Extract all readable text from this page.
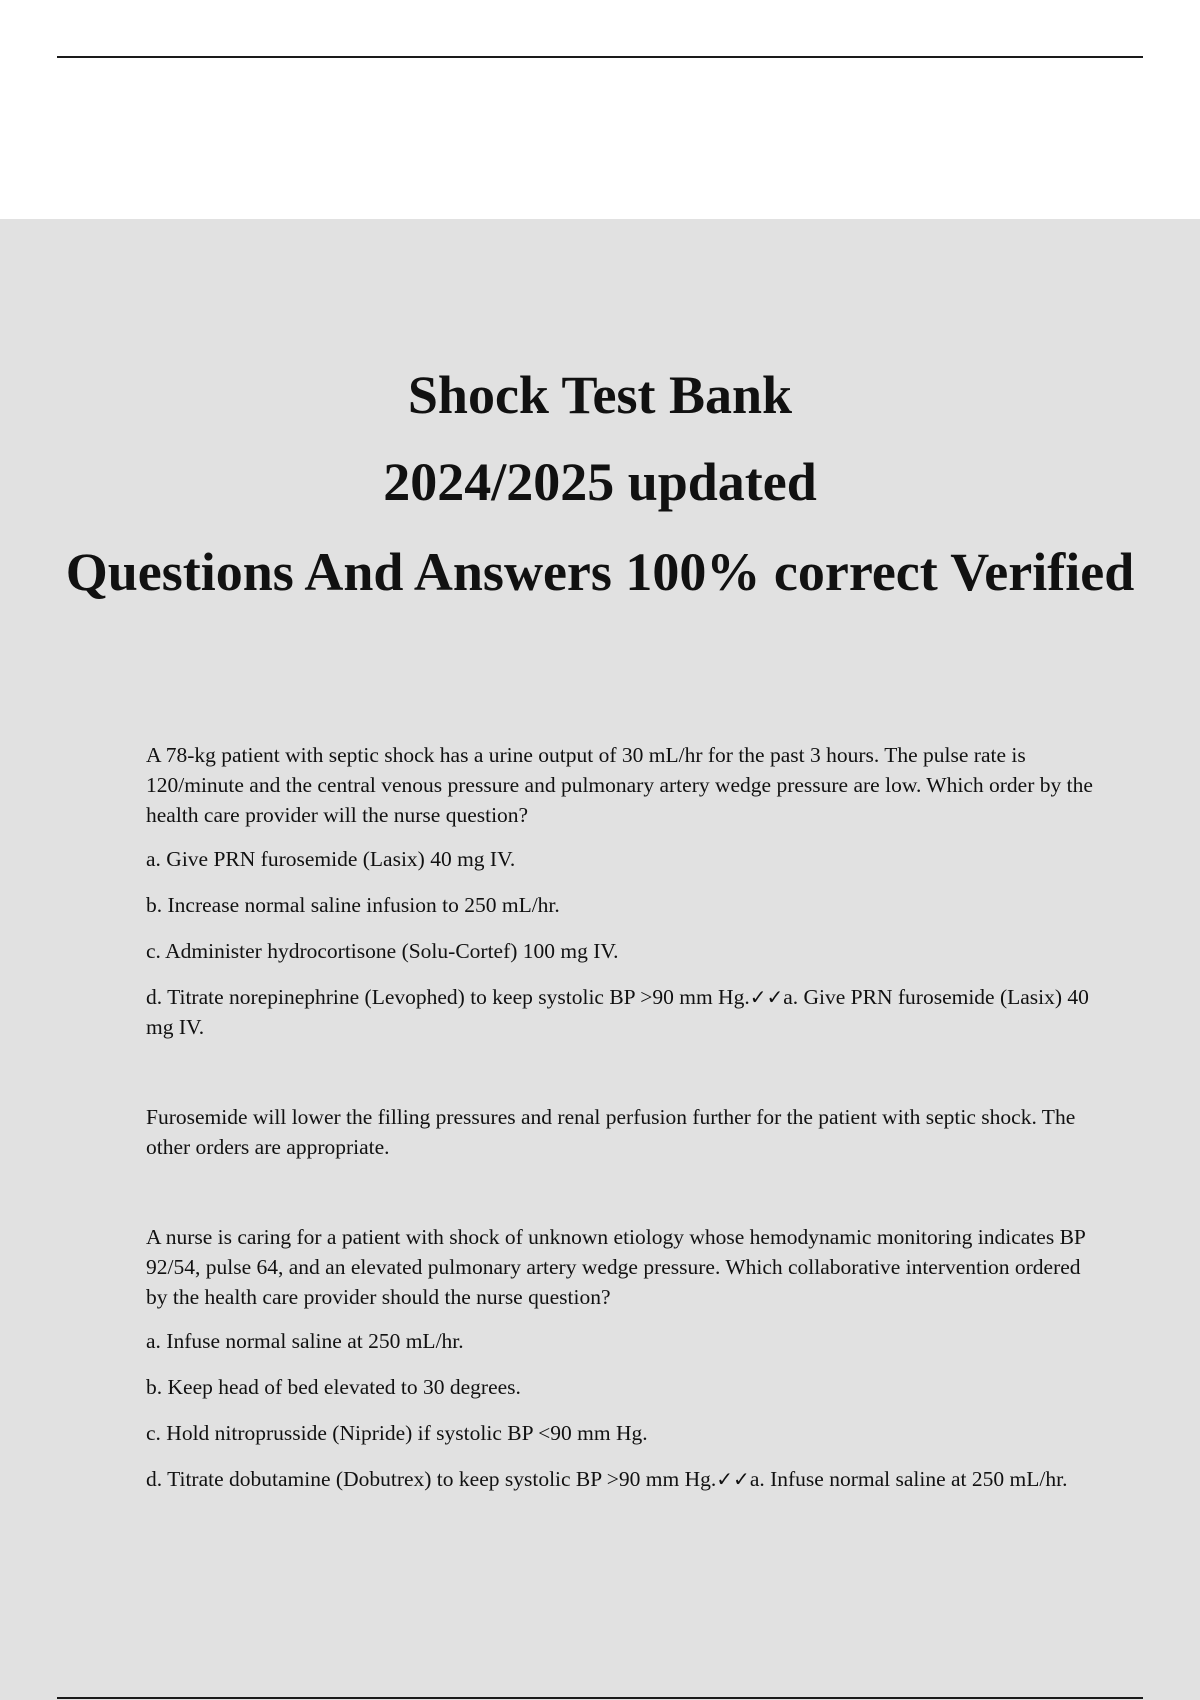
Shock Test Bank

2024/2025 updated

Questions And Answers 100% correct Verified

A 78-kg patient with septic shock has a urine output of 30 mL/hr for the past 3 hours. The pulse rate is 120/minute and the central venous pressure and pulmonary artery wedge pressure are low. Which order by the health care provider will the nurse question?

a. Give PRN furosemide (Lasix) 40 mg IV.

b. Increase normal saline infusion to 250 mL/hr.

c. Administer hydrocortisone (Solu-Cortef) 100 mg IV.

d. Titrate norepinephrine (Levophed) to keep systolic BP >90 mm Hg.✓✓a. Give PRN furosemide (Lasix) 40 mg IV.

Furosemide will lower the filling pressures and renal perfusion further for the patient with septic shock. The other orders are appropriate.

A nurse is caring for a patient with shock of unknown etiology whose hemodynamic monitoring indicates BP 92/54, pulse 64, and an elevated pulmonary artery wedge pressure. Which collaborative intervention ordered by the health care provider should the nurse question?

a. Infuse normal saline at 250 mL/hr.

b. Keep head of bed elevated to 30 degrees.

c. Hold nitroprusside (Nipride) if systolic BP <90 mm Hg.

d. Titrate dobutamine (Dobutrex) to keep systolic BP >90 mm Hg.✓✓a. Infuse normal saline at 250 mL/hr.
